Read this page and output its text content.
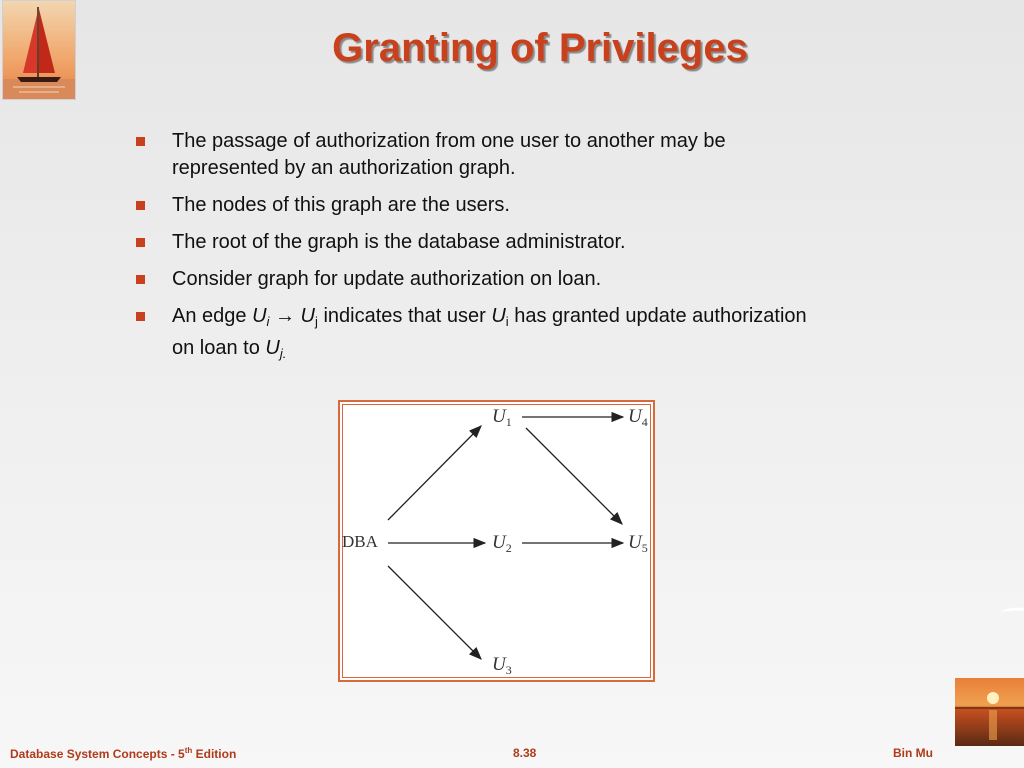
Granting of Privileges
The passage of authorization from one user to another may be represented by an authorization graph.
The nodes of this graph are the users.
The root of the graph is the database administrator.
Consider graph for update authorization on loan.
An edge $U_i \to U_j$ indicates that user $U_i$ has granted update authorization on loan to $U_{j.}$
DBA
$U_1$
$U_2$
$U_3$
$U_4$
$U_5$
Database System Concepts - 5th Edition	8.38	Bin Mu
